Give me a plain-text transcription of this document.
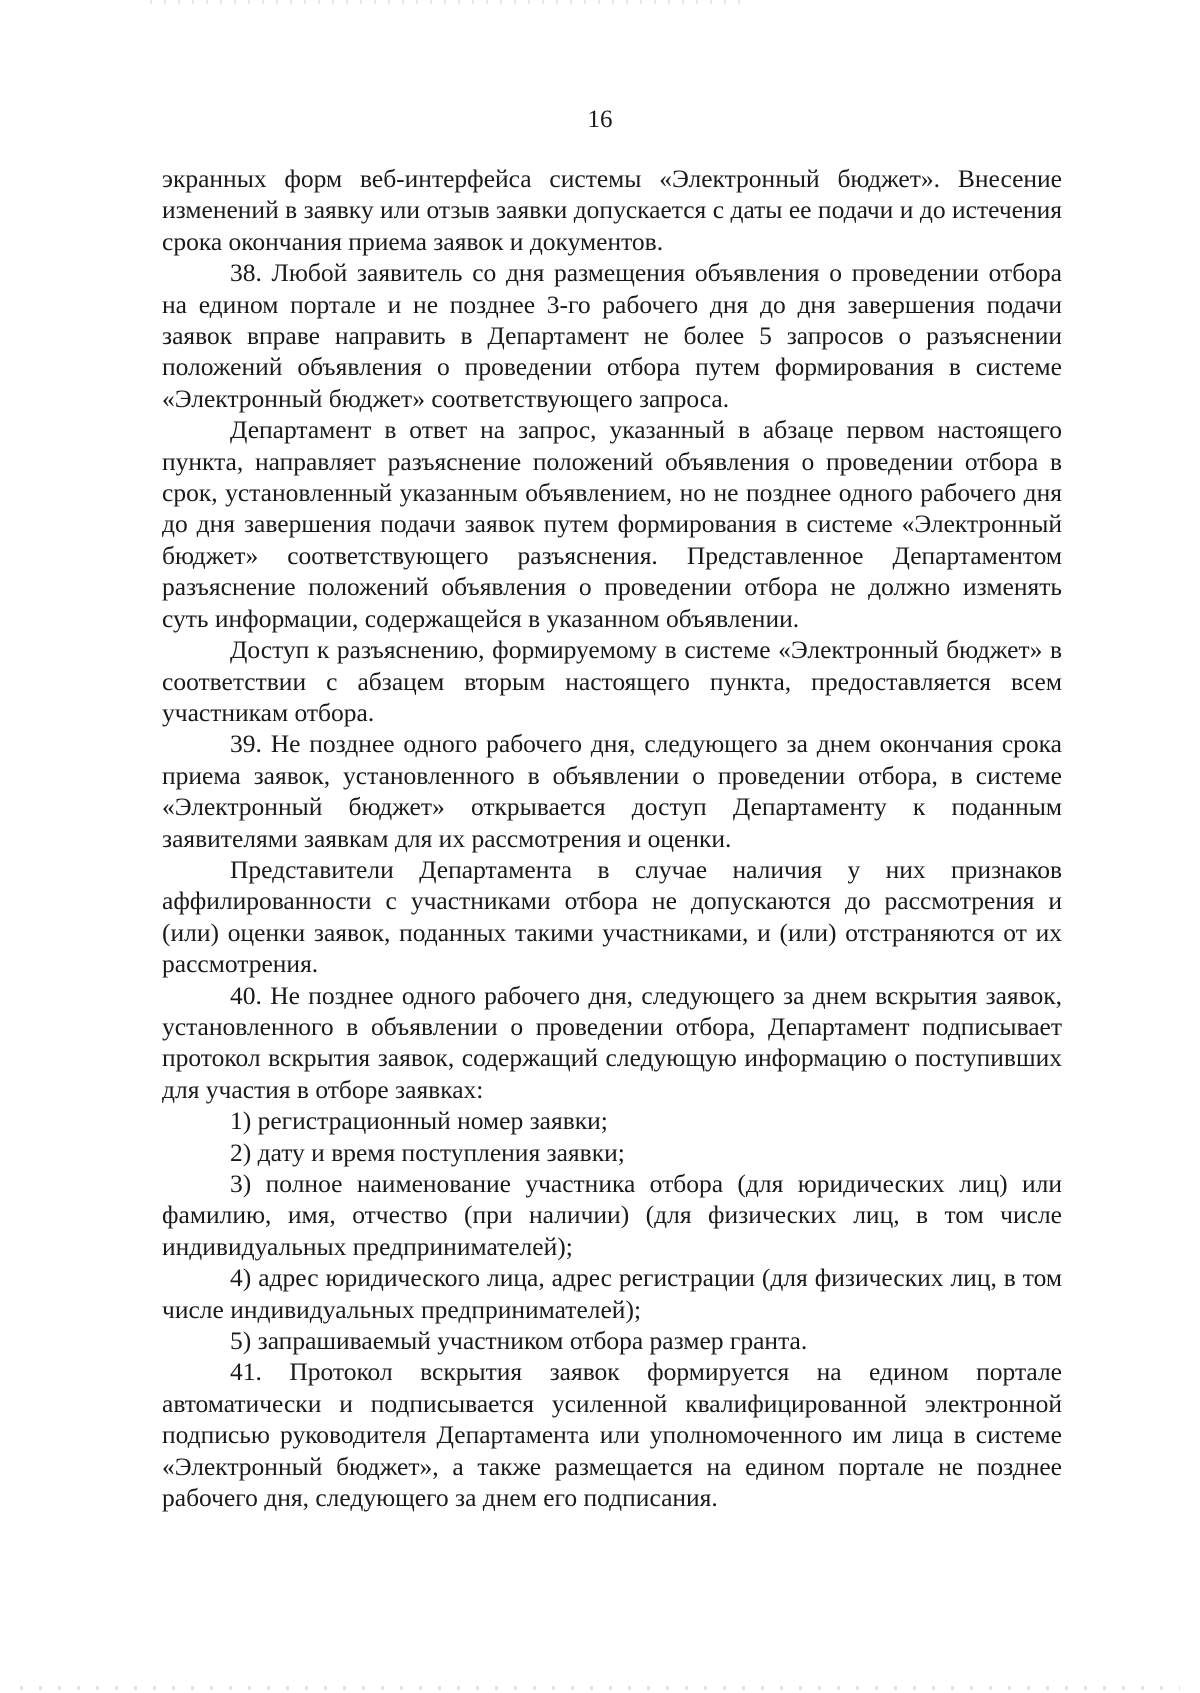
16

экранных форм веб-интерфейса системы «Электронный бюджет». Внесение изменений в заявку или отзыв заявки допускается с даты ее подачи и до истечения срока окончания приема заявок и документов.

38. Любой заявитель со дня размещения объявления о проведении отбора на едином портале и не позднее 3-го рабочего дня до дня завершения подачи заявок вправе направить в Департамент не более 5 запросов о разъяснении положений объявления о проведении отбора путем формирования в системе «Электронный бюджет» соответствующего запроса.

Департамент в ответ на запрос, указанный в абзаце первом настоящего пункта, направляет разъяснение положений объявления о проведении отбора в срок, установленный указанным объявлением, но не позднее одного рабочего дня до дня завершения подачи заявок путем формирования в системе «Электронный бюджет» соответствующего разъяснения. Представленное Департаментом разъяснение положений объявления о проведении отбора не должно изменять суть информации, содержащейся в указанном объявлении.

Доступ к разъяснению, формируемому в системе «Электронный бюджет» в соответствии с абзацем вторым настоящего пункта, предоставляется всем участникам отбора.

39. Не позднее одного рабочего дня, следующего за днем окончания срока приема заявок, установленного в объявлении о проведении отбора, в системе «Электронный бюджет» открывается доступ Департаменту к поданным заявителями заявкам для их рассмотрения и оценки.

Представители Департамента в случае наличия у них признаков аффилированности с участниками отбора не допускаются до рассмотрения и (или) оценки заявок, поданных такими участниками, и (или) отстраняются от их рассмотрения.

40. Не позднее одного рабочего дня, следующего за днем вскрытия заявок, установленного в объявлении о проведении отбора, Департамент подписывает протокол вскрытия заявок, содержащий следующую информацию о поступивших для участия в отборе заявках:

1) регистрационный номер заявки;

2) дату и время поступления заявки;

3) полное наименование участника отбора (для юридических лиц) или фамилию, имя, отчество (при наличии) (для физических лиц, в том числе индивидуальных предпринимателей);

4) адрес юридического лица, адрес регистрации (для физических лиц, в том числе индивидуальных предпринимателей);

5) запрашиваемый участником отбора размер гранта.

41. Протокол вскрытия заявок формируется на едином портале автоматически и подписывается усиленной квалифицированной электронной подписью руководителя Департамента или уполномоченного им лица в системе «Электронный бюджет», а также размещается на едином портале не позднее рабочего дня, следующего за днем его подписания.
